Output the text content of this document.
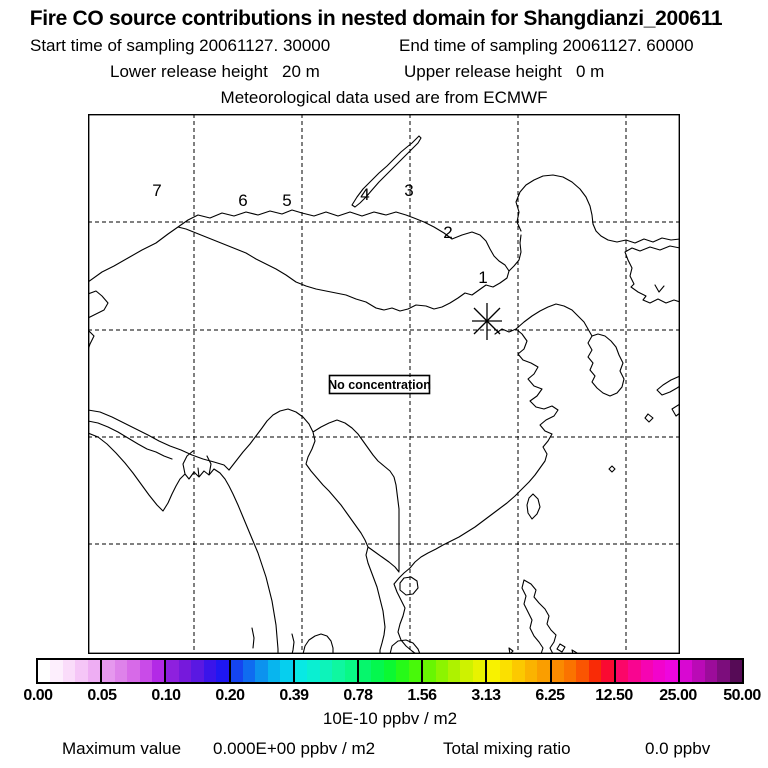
Fire CO source contributions in nested domain for Shangdianzi_200611
Start time of sampling 20061127. 30000	End time of sampling 20061127. 60000
Lower release height   20 m	Upper release height   0 m
Meteorological data used are from ECMWF
No concentration
7
6 5	4 3
2
1
0.00 0.05 0.10 0.20 0.39 0.78 1.56 3.13 6.25 12.50 25.00 50.00
10E-10 ppbv / m2
Maximum value 0.000E+00 ppbv / m2	Total mixing ratio	0.0 ppbv
